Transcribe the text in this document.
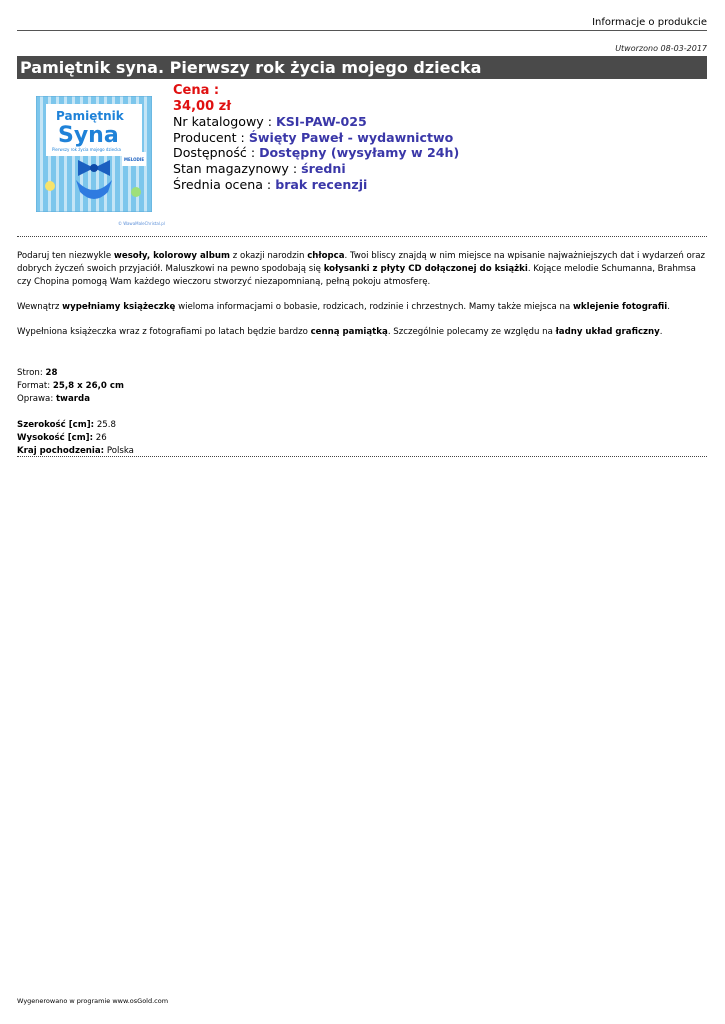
Informacje o produkcie
Utworzono 08-03-2017
Pamiętnik syna. Pierwszy rok życia mojego dziecka
Pamiętnik
Syna
Pierwszy rok życia mojego dziecka
MELODIE
© WawaMaleChristal.pl
Cena :
34,00 zł
Nr katalogowy : KSI-PAW-025
Producent : Święty Paweł - wydawnictwo
Dostępność : Dostępny (wysyłamy w 24h)
Stan magazynowy : średni
Średnia ocena : brak recenzji

Podaruj ten niezwykle wesoły, kolorowy album z okazji narodzin chłopca. Twoi bliscy znajdą w nim miejsce na wpisanie najważniejszych dat i wydarzeń oraz dobrych życzeń swoich przyjaciół. Maluszkowi na pewno spodobają się kołysanki z płyty CD dołączonej do książki. Kojące melodie Schumanna, Brahmsa czy Chopina pomogą Wam każdego wieczoru stworzyć niezapomnianą, pełną pokoju atmosferę.

Wewnątrz wypełniamy książeczkę wieloma informacjami o bobasie, rodzicach, rodzinie i chrzestnych. Mamy także miejsca na wklejenie fotografii.

Wypełniona książeczka wraz z fotografiami po latach będzie bardzo cenną pamiątką. Szczególnie polecamy ze względu na ładny układ graficzny.

Stron: 28
Format: 25,8 x 26,0 cm
Oprawa: twarda
Szerokość [cm]: 25.8
Wysokość [cm]: 26
Kraj pochodzenia: Polska
Wygenerowano w programie www.osGold.com
